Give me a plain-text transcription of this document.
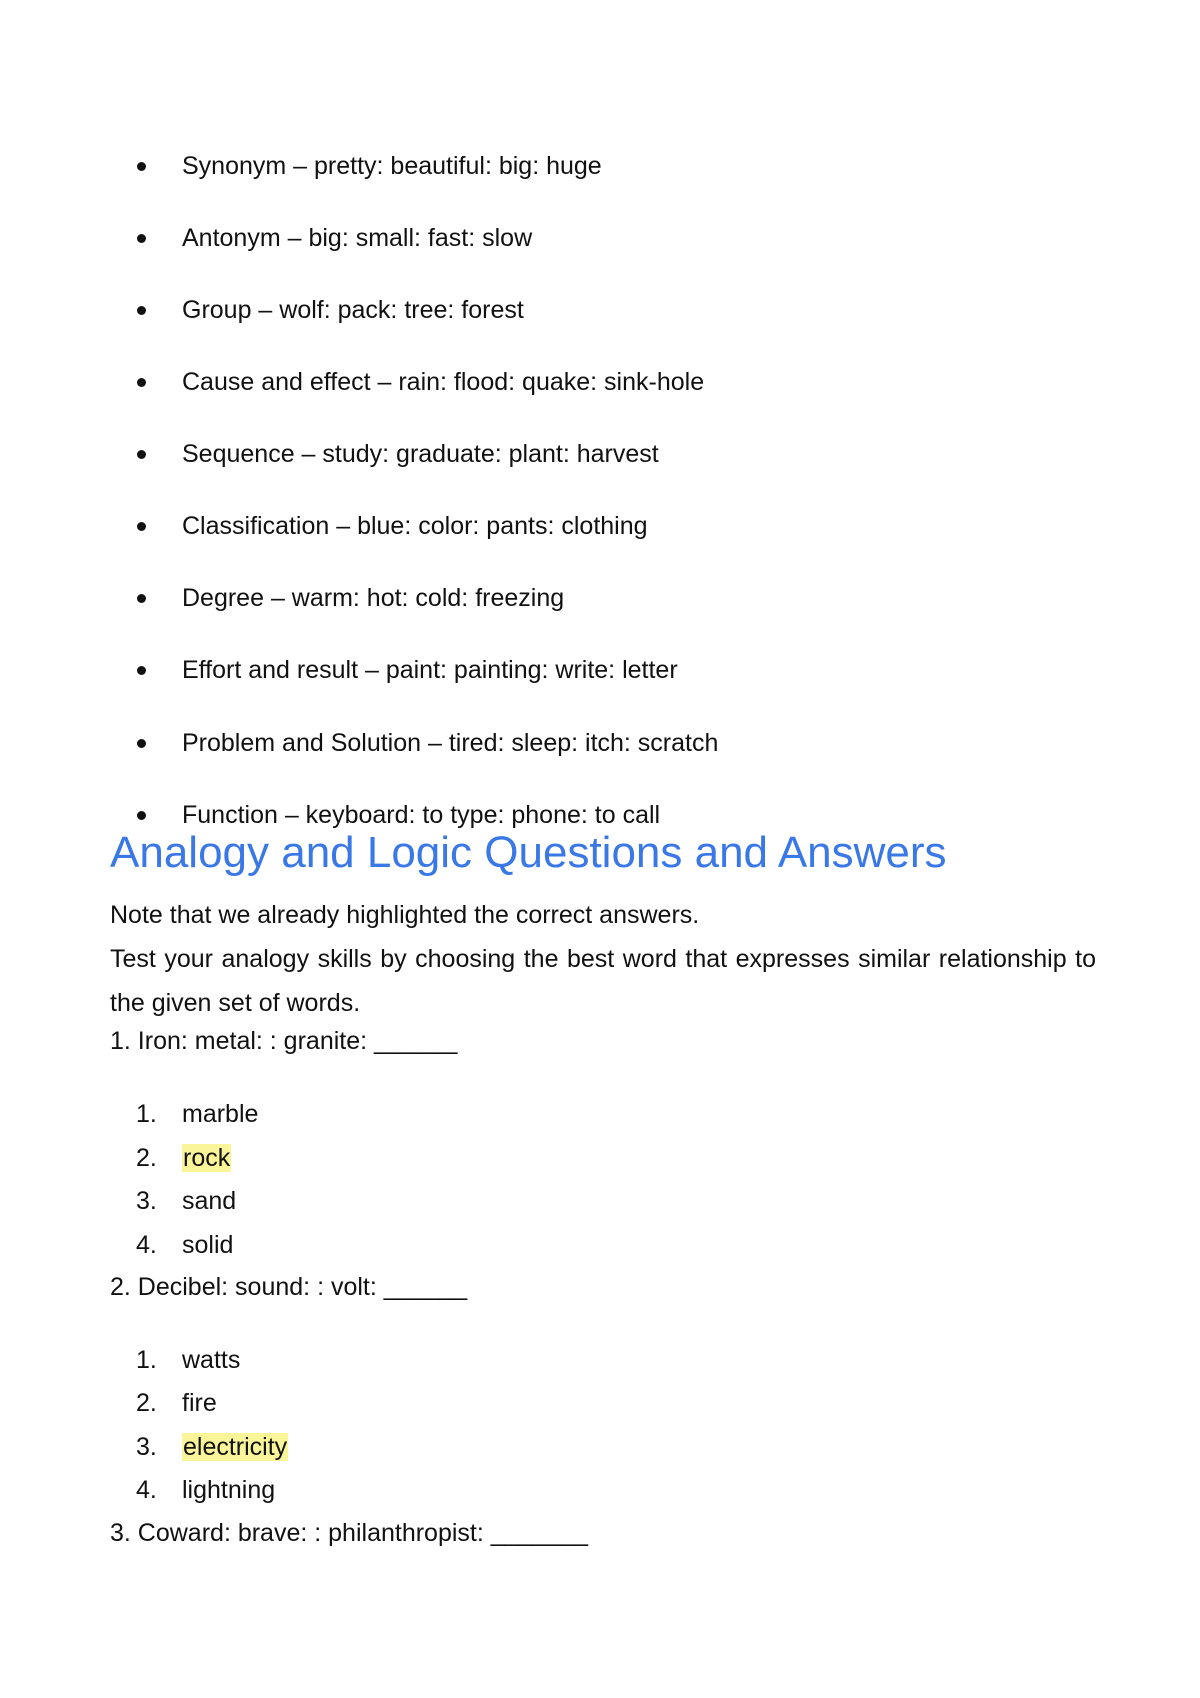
Synonym – pretty: beautiful: big: huge
Antonym – big: small: fast: slow
Group – wolf: pack: tree: forest
Cause and effect – rain: flood: quake: sink-hole
Sequence – study: graduate: plant: harvest
Classification – blue: color: pants: clothing
Degree – warm: hot: cold: freezing
Effort and result – paint: painting: write: letter
Problem and Solution – tired: sleep: itch: scratch
Function – keyboard: to type: phone: to call
Analogy and Logic Questions and Answers

Note that we already highlighted the correct answers.

Test your analogy skills by choosing the best word that expresses similar relationship to the given set of words.

1. Iron: metal: : granite: ______
1. marble
2. rock
3. sand
4. solid
2. Decibel: sound: : volt: ______
1. watts
2. fire
3. electricity
4. lightning
3. Coward: brave: : philanthropist: _______
